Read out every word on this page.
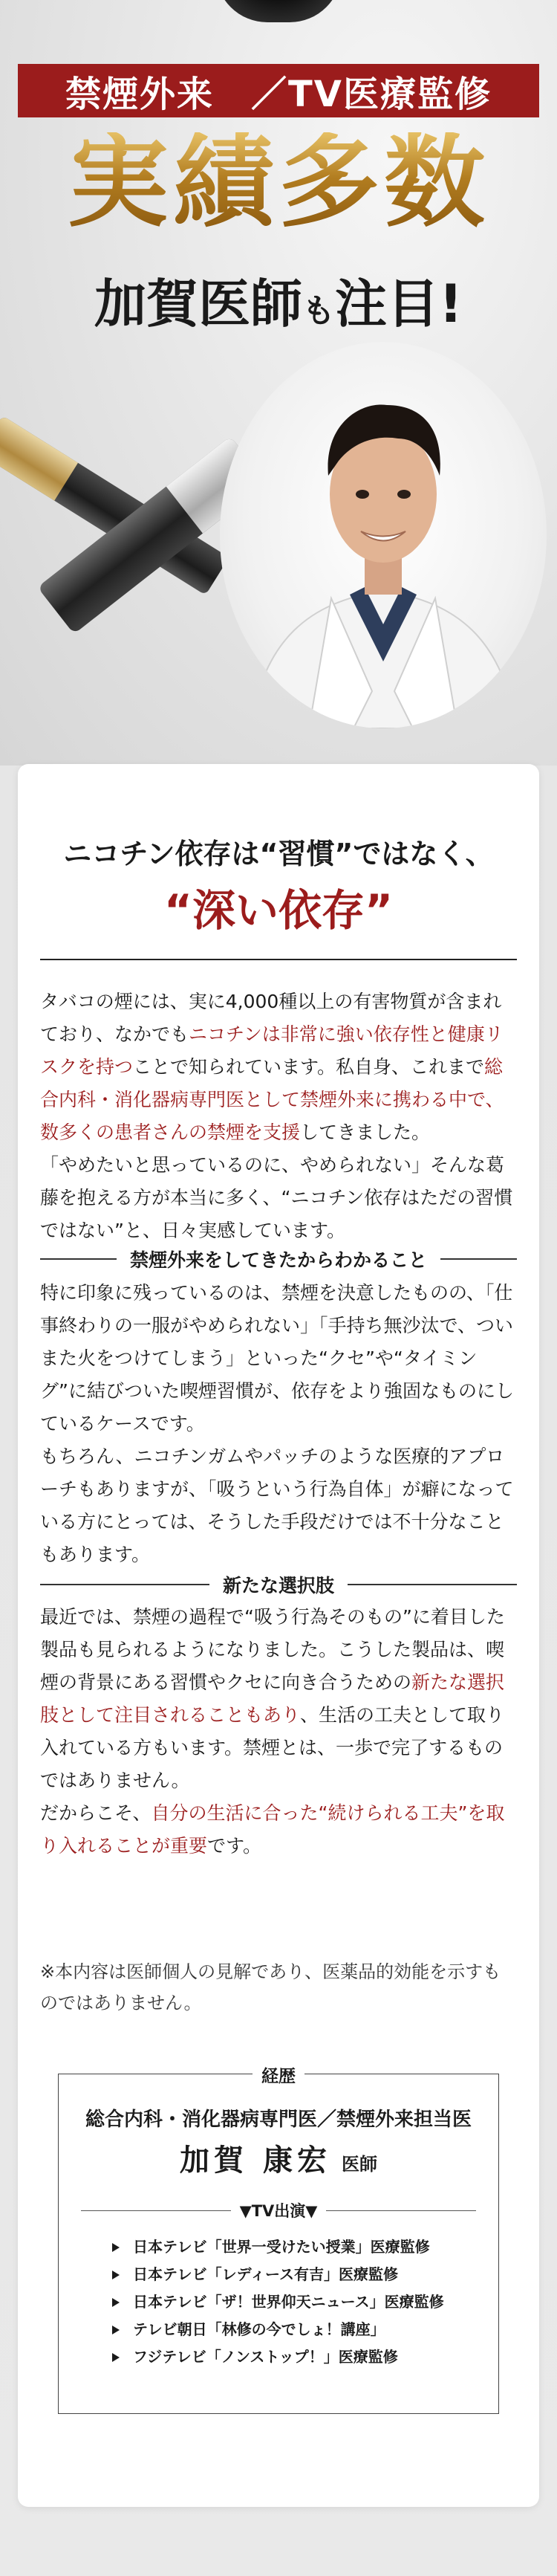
禁煙外来　／TV医療監修
実績多数
加賀医師も注目!
ニコチン依存は“習慣”ではなく、
“深い依存”
タバコの煙には、実に4,000種以上の有害物質が含まれており、なかでもニコチンは非常に強い依存性と健康リスクを持つことで知られています。私自身、これまで総合内科・消化器病専門医として禁煙外来に携わる中で、数多くの患者さんの禁煙を支援してきました。
「やめたいと思っているのに、やめられない」そんな葛藤を抱える方が本当に多く、“ニコチン依存はただの習慣ではない”と、日々実感しています。
禁煙外来をしてきたからわかること
特に印象に残っているのは、禁煙を決意したものの、「仕事終わりの一服がやめられない」「手持ち無沙汰で、ついまた火をつけてしまう」といった“クセ”や“タイミング”に結びついた喫煙習慣が、依存をより強固なものにしているケースです。
もちろん、ニコチンガムやパッチのような医療的アプローチもありますが、「吸うという行為自体」が癖になっている方にとっては、そうした手段だけでは不十分なこともあります。
新たな選択肢
最近では、禁煙の過程で“吸う行為そのもの”に着目した製品も見られるようになりました。こうした製品は、喫煙の背景にある習慣やクセに向き合うための新たな選択肢として注目されることもあり、生活の工夫として取り入れている方もいます。禁煙とは、一歩で完了するものではありません。
だからこそ、自分の生活に合った“続けられる工夫”を取り入れることが重要です。
※本内容は医師個人の見解であり、医薬品的効能を示すものではありません。
経歴
総合内科・消化器病専門医／禁煙外来担当医
加賀 康宏 医師
▼TV出演▼
日本テレビ「世界一受けたい授業」医療監修
日本テレビ「レディース有吉」医療監修
日本テレビ「ザ！世界仰天ニュース」医療監修
テレビ朝日「林修の今でしょ！講座」
フジテレビ「ノンストップ！」医療監修
